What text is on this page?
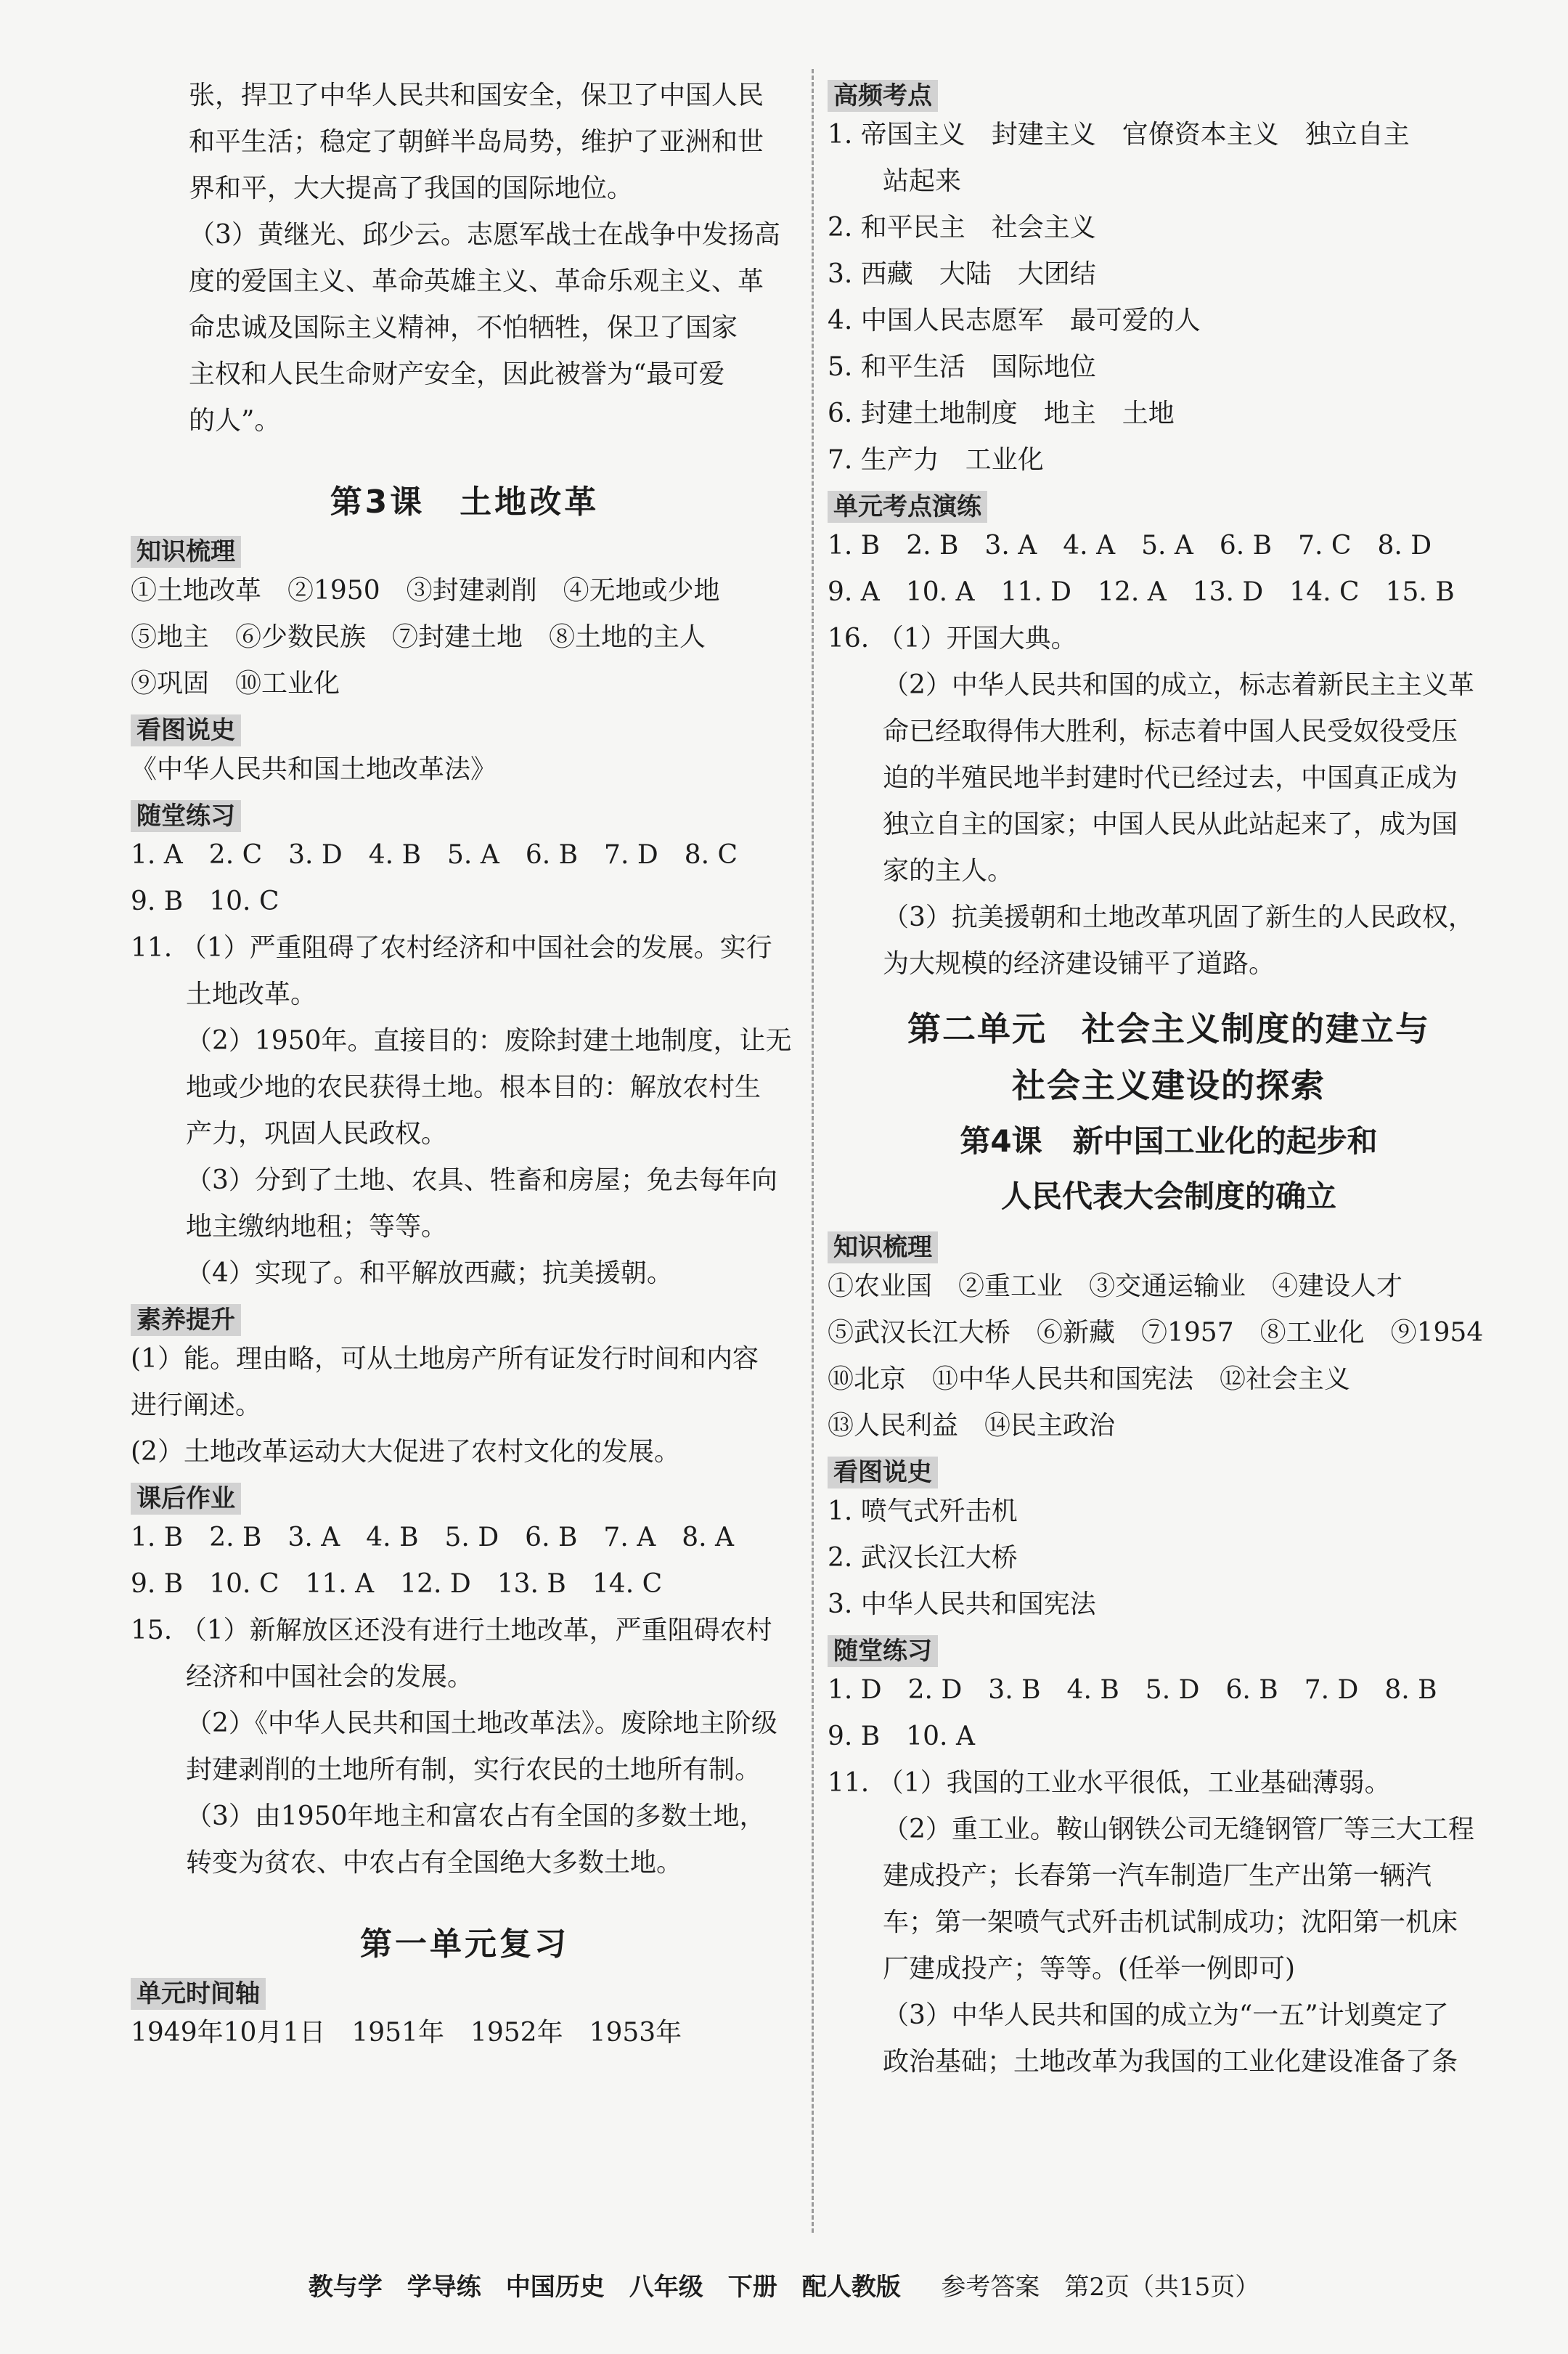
张，捍卫了中华人民共和国安全，保卫了中国人民
和平生活；稳定了朝鲜半岛局势，维护了亚洲和世
界和平，大大提高了我国的国际地位。
（3）黄继光、邱少云。志愿军战士在战争中发扬高
度的爱国主义、革命英雄主义、革命乐观主义、革
命忠诚及国际主义精神，不怕牺牲，保卫了国家
主权和人民生命财产安全，因此被誉为“最可爱
的人”。
第3课　土地改革
知识梳理
①土地改革　②1950　③封建剥削　④无地或少地
⑤地主　⑥少数民族　⑦封建土地　⑧土地的主人
⑨巩固　⑩工业化
看图说史
《中华人民共和国土地改革法》
随堂练习
1. A　2. C　3. D　4. B　5. A　6. B　7. D　8. C
9. B　10. C
11. （1）严重阻碍了农村经济和中国社会的发展。实行
土地改革。
（2）1950年。直接目的：废除封建土地制度，让无
地或少地的农民获得土地。根本目的：解放农村生
产力，巩固人民政权。
（3）分到了土地、农具、牲畜和房屋；免去每年向
地主缴纳地租；等等。
（4）实现了。和平解放西藏；抗美援朝。
素养提升
(1）能。理由略，可从土地房产所有证发行时间和内容
进行阐述。
(2）土地改革运动大大促进了农村文化的发展。
课后作业
1. B　2. B　3. A　4. B　5. D　6. B　7. A　8. A
9. B　10. C　11. A　12. D　13. B　14. C
15. （1）新解放区还没有进行土地改革，严重阻碍农村
经济和中国社会的发展。
（2）《中华人民共和国土地改革法》。废除地主阶级
封建剥削的土地所有制，实行农民的土地所有制。
（3）由1950年地主和富农占有全国的多数土地，
转变为贫农、中农占有全国绝大多数土地。
第一单元复习
单元时间轴
1949年10月1日　1951年　1952年　1953年
高频考点
1. 帝国主义　封建主义　官僚资本主义　独立自主
站起来
2. 和平民主　社会主义
3. 西藏　大陆　大团结
4. 中国人民志愿军　最可爱的人
5. 和平生活　国际地位
6. 封建土地制度　地主　土地
7. 生产力　工业化
单元考点演练
1. B　2. B　3. A　4. A　5. A　6. B　7. C　8. D
9. A　10. A　11. D　12. A　13. D　14. C　15. B
16. （1）开国大典。
（2）中华人民共和国的成立，标志着新民主主义革
命已经取得伟大胜利，标志着中国人民受奴役受压
迫的半殖民地半封建时代已经过去，中国真正成为
独立自主的国家；中国人民从此站起来了，成为国
家的主人。
（3）抗美援朝和土地改革巩固了新生的人民政权，
为大规模的经济建设铺平了道路。
第二单元　社会主义制度的建立与
社会主义建设的探索
第4课　新中国工业化的起步和
人民代表大会制度的确立
知识梳理
①农业国　②重工业　③交通运输业　④建设人才
⑤武汉长江大桥　⑥新藏　⑦1957　⑧工业化　⑨1954
⑩北京　⑪中华人民共和国宪法　⑫社会主义
⑬人民利益　⑭民主政治
看图说史
1. 喷气式歼击机
2. 武汉长江大桥
3. 中华人民共和国宪法
随堂练习
1. D　2. D　3. B　4. B　5. D　6. B　7. D　8. B
9. B　10. A
11. （1）我国的工业水平很低，工业基础薄弱。
（2）重工业。鞍山钢铁公司无缝钢管厂等三大工程
建成投产；长春第一汽车制造厂生产出第一辆汽
车；第一架喷气式歼击机试制成功；沈阳第一机床
厂建成投产；等等。(任举一例即可)
（3）中华人民共和国的成立为“一五”计划奠定了
政治基础；土地改革为我国的工业化建设准备了条
教与学　学导练　中国历史　八年级　下册　配人教版 　 参考答案　第2页（共15页）
